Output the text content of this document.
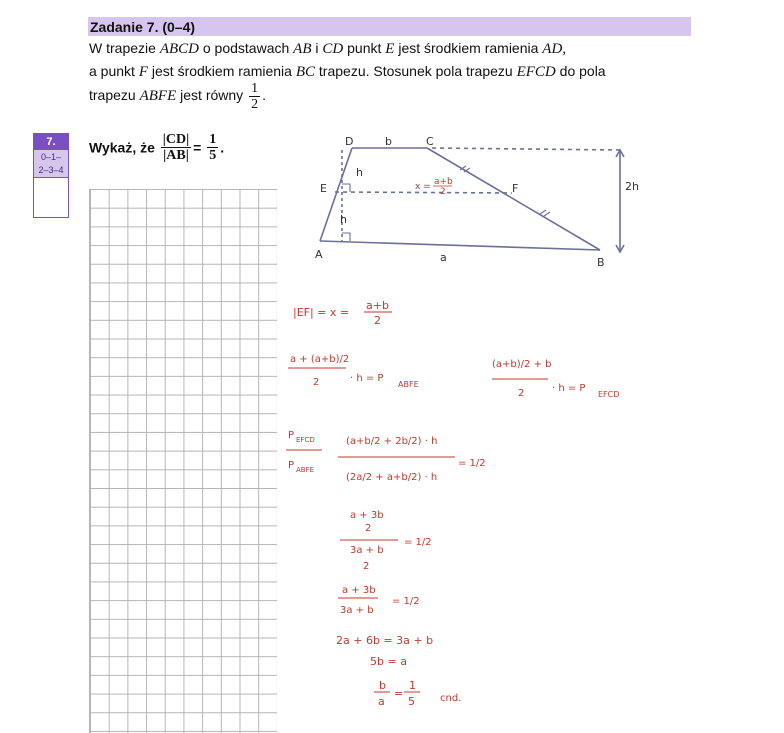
Zadanie 7. (0–4)
W trapezie ABCD o podstawach AB i CD punkt E jest środkiem ramienia AD,
a punkt F jest środkiem ramienia BC trapezu. Stosunek pola trapezu EFCD do pola
trapezu ABFE jest równy $\frac{1}{2}$ .
7.
0–1–
2–3–4
Wykaż, że $\frac{|CD|}{|AB|} = \frac{1}{5}$ .	D	b	C
E	F
A
B
a
h
h
2h
x = a+b
2
|EF| = x =
a+b
2
a + (a+b)/2
2	· h = P
ABFE
(a+b)/2 + b
2	· h = P
EFCD
P EFCD
P ABFE
(a+b/2 + 2b/2) · h
(2a/2 + a+b/2) · h
= 1/2
a + 3b
2
3a + b
2
= 1/2
a + 3b
3a + b
= 1/2
2a + 6b = 3a + b
5b = a
b
a
=
1
5	cnd.
